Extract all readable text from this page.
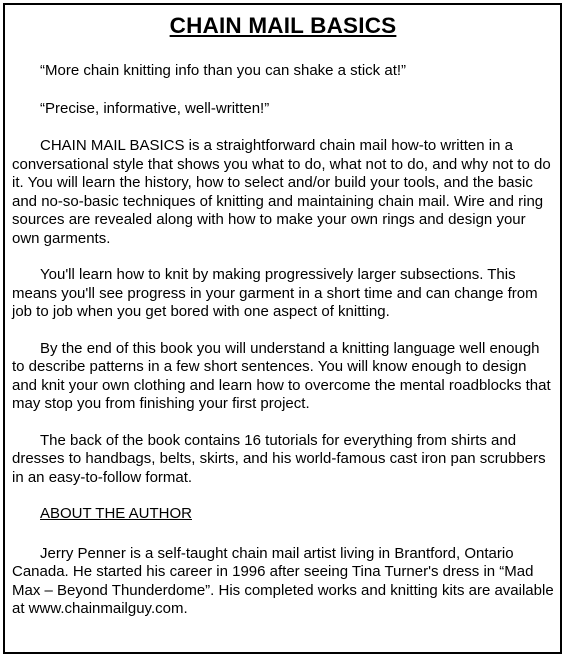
CHAIN MAIL BASICS

“More chain knitting info than you can shake a stick at!”

“Precise, informative, well-written!”

CHAIN MAIL BASICS is a straightforward chain mail how-to written in a conversational style that shows you what to do, what not to do, and why not to do it. You will learn the history, how to select and/or build your tools, and the basic and no-so-basic techniques of knitting and maintaining chain mail. Wire and ring sources are revealed along with how to make your own rings and design your own garments.

You'll learn how to knit by making progressively larger subsections. This means you'll see progress in your garment in a short time and can change from job to job when you get bored with one aspect of knitting.

By the end of this book you will understand a knitting language well enough to describe patterns in a few short sentences. You will know enough to design and knit your own clothing and learn how to overcome the mental roadblocks that may stop you from finishing your first project.

The back of the book contains 16 tutorials for everything from shirts and dresses to handbags, belts, skirts, and his world-famous cast iron pan scrubbers in an easy-to-follow format.

ABOUT THE AUTHOR

Jerry Penner is a self-taught chain mail artist living in Brantford, Ontario Canada. He started his career in 1996 after seeing Tina Turner's dress in “Mad Max – Beyond Thunderdome”. His completed works and knitting kits are available at www.chainmailguy.com.
